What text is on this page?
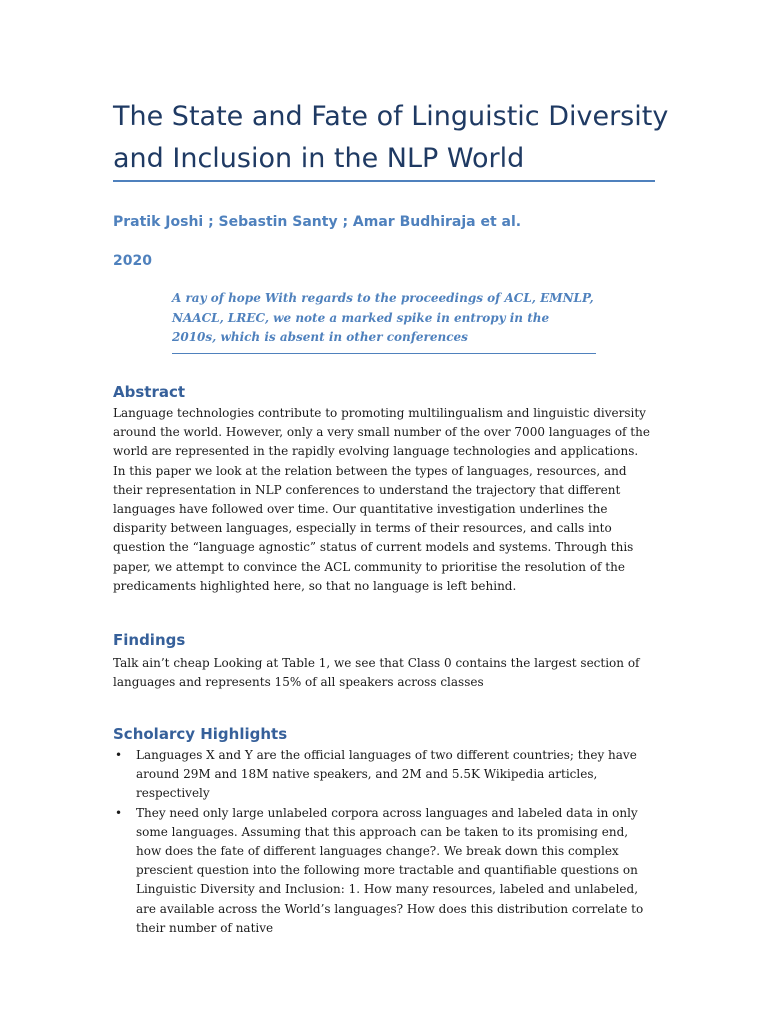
The State and Fate of Linguistic Diversity and Inclusion in the NLP World
Pratik Joshi ; Sebastin Santy ; Amar Budhiraja et al.
2020
A ray of hope With regards to the proceedings of ACL, EMNLP, NAACL, LREC, we note a marked spike in entropy in the 2010s, which is absent in other conferences
Abstract

Language technologies contribute to promoting multilingualism and linguistic diversity around the world. However, only a very small number of the over 7000 languages of the world are represented in the rapidly evolving language technologies and applications. In this paper we look at the relation between the types of languages, resources, and their representation in NLP conferences to understand the trajectory that different languages have followed over time. Our quantitative investigation underlines the disparity between languages, especially in terms of their resources, and calls into question the “language agnostic” status of current models and systems. Through this paper, we attempt to convince the ACL community to prioritise the resolution of the predicaments highlighted here, so that no language is left behind.

Findings

Talk ain’t cheap Looking at Table 1, we see that Class 0 contains the largest section of languages and represents 15% of all speakers across classes

Scholarcy Highlights
• Languages X and Y are the official languages of two different countries; they have around 29M and 18M native speakers, and 2M and 5.5K Wikipedia articles, respectively
• They need only large unlabeled corpora across languages and labeled data in only some languages. Assuming that this approach can be taken to its promising end, how does the fate of different languages change?. We break down this complex prescient question into the following more tractable and quantifiable questions on Linguistic Diversity and Inclusion: 1. How many resources, labeled and unlabeled, are available across the World’s languages? How does this distribution correlate to their number of native
